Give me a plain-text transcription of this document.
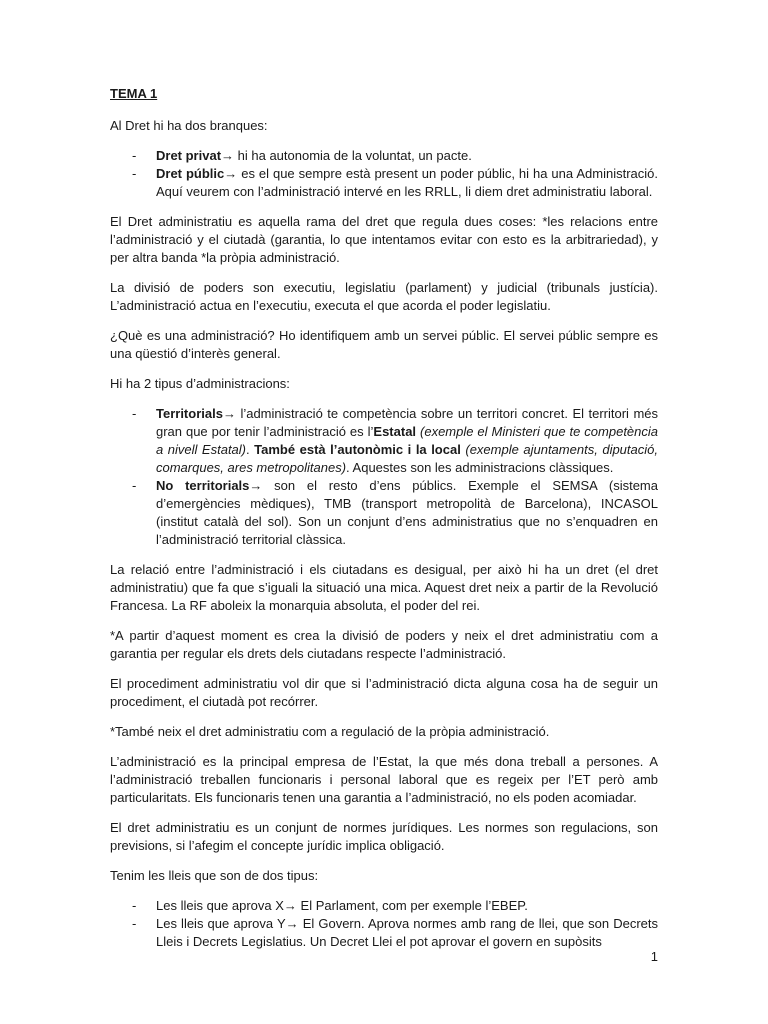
TEMA 1

Al Dret hi ha dos branques:

- Dret privat→ hi ha autonomia de la voluntat, un pacte.
- Dret públic→ es el que sempre està present un poder públic, hi ha una Administració. Aquí veurem con l’administració intervé en les RRLL, li diem dret administratiu laboral.

El Dret administratiu es aquella rama del dret que regula dues coses: *les relacions entre l’administració y el ciutadà (garantia, lo que intentamos evitar con esto es la arbitrariedad), y per altra banda *la pròpia administració.

La divisió de poders son executiu, legislatiu (parlament) y judicial (tribunals justícia). L’administració actua en l’executiu, executa el que acorda el poder legislatiu.

¿Què es una administració? Ho identifiquem amb un servei públic. El servei públic sempre es una qüestió d’interès general.

Hi ha 2 tipus d’administracions:

- Territorials→ l’administració te competència sobre un territori concret. El territori més gran que por tenir l’administració es l’Estatal (exemple el Ministeri que te competència a nivell Estatal). També està l’autonòmic i la local (exemple ajuntaments, diputació, comarques, ares metropolitanes). Aquestes son les administracions clàssiques.
- No territorials→ son el resto d’ens públics. Exemple el SEMSA (sistema d’emergències mèdiques), TMB (transport metropolità de Barcelona), INCASOL (institut català del sol). Son un conjunt d’ens administratius que no s’enquadren en l’administració territorial clàssica.

La relació entre l’administració i els ciutadans es desigual, per això hi ha un dret (el dret administratiu) que fa que s’iguali la situació una mica. Aquest dret neix a partir de la Revolució Francesa. La RF aboleix la monarquia absoluta, el poder del rei.

*A partir d’aquest moment es crea la divisió de poders y neix el dret administratiu com a garantia per regular els drets dels ciutadans respecte l’administració.

El procediment administratiu vol dir que si l’administració dicta alguna cosa ha de seguir un procediment, el ciutadà pot recórrer.

*També neix el dret administratiu com a regulació de la pròpia administració.

L’administració es la principal empresa de l’Estat, la que més dona treball a persones. A l’administració treballen funcionaris i personal laboral que es regeix per l’ET però amb particularitats. Els funcionaris tenen una garantia a l’administració, no els poden acomiadar.

El dret administratiu es un conjunt de normes jurídiques. Les normes son regulacions, son previsions, si l’afegim el concepte jurídic implica obligació.

Tenim les lleis que son de dos tipus:

- Les lleis que aprova X→ El Parlament, com per exemple l’EBEP.
- Les lleis que aprova Y→ El Govern. Aprova normes amb rang de llei, que son Decrets Lleis i Decrets Legislatius. Un Decret Llei el pot aprovar el govern en supòsits
1
